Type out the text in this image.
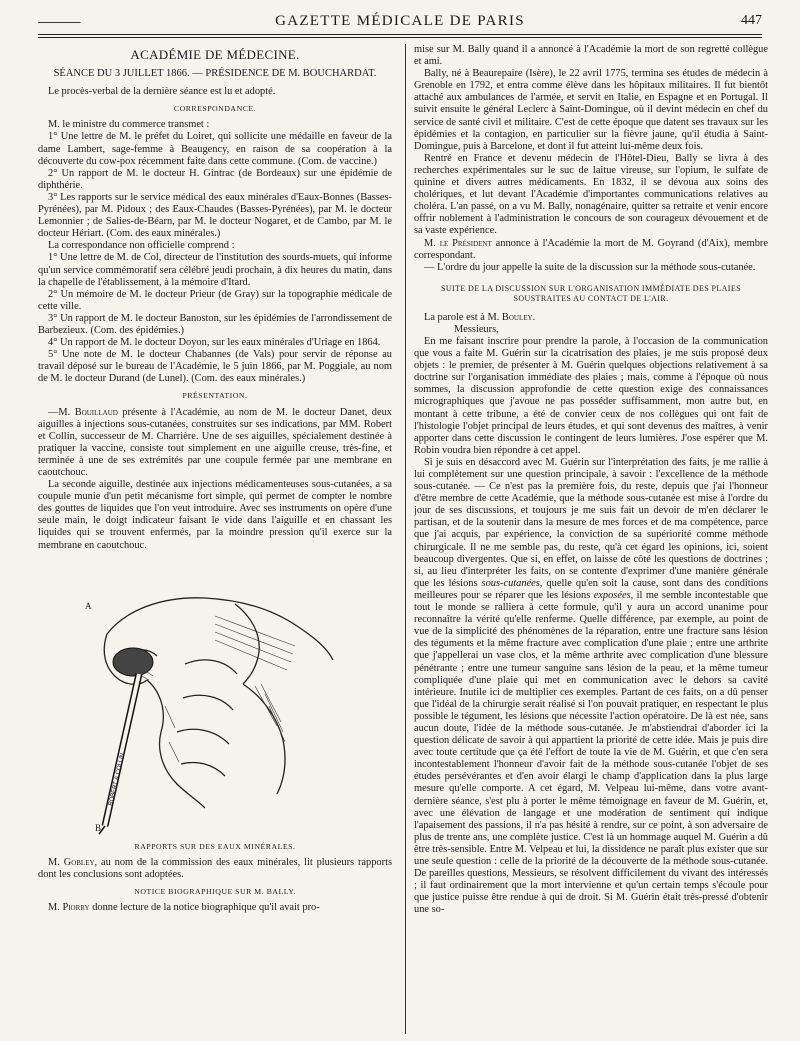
─────	GAZETTE MÉDICALE DE PARIS	447
ACADÉMIE DE MÉDECINE.
SÉANCE DU 3 JUILLET 1866. — PRÉSIDENCE DE M. BOUCHARDAT.

Le procès-verbal de la dernière séance est lu et adopté.

CORRESPONDANCE.

M. le ministre du commerce transmet :

1° Une lettre de M. le préfet du Loiret, qui sollicite une médaille en faveur de la dame Lambert, sage-femme à Beaugency, en raison de sa coopération à la découverte du cow-pox récemment faite dans cette commune. (Com. de vaccine.)

2° Un rapport de M. le docteur H. Gintrac (de Bordeaux) sur une épidémie de diphthérie.

3° Les rapports sur le service médical des eaux minérales d'Eaux-Bonnes (Basses-Pyrénées), par M. Pidoux ; des Eaux-Chaudes (Basses-Pyrénées), par M. le docteur Lemonnier ; de Salies-de-Béarn, par M. le docteur Nogaret, et de Cambo, par M. le docteur Hériart. (Com. des eaux minérales.)

La correspondance non officielle comprend :

1° Une lettre de M. de Col, directeur de l'institution des sourds-muets, qui informe qu'un service commémoratif sera célébré jeudi prochain, à dix heures du matin, dans la chapelle de l'établissement, à la mémoire d'Itard.

2° Un mémoire de M. le docteur Prieur (de Gray) sur la topographie médicale de cette ville.

3° Un rapport de M. le docteur Banoston, sur les épidémies de l'arrondissement de Barbezieux. (Com. des épidémies.)

4° Un rapport de M. le docteur Doyon, sur les eaux minérales d'Uriage en 1864.

5° Une note de M. le docteur Chabannes (de Vals) pour servir de réponse au travail déposé sur le bureau de l'Académie, le 5 juin 1866, par M. Poggiale, au nom de M. le docteur Durand (de Lunel). (Com. des eaux minérales.)

PRÉSENTATION.

—M. Bouillaud présente à l'Académie, au nom de M. le docteur Danet, deux aiguilles à injections sous-cutanées, construites sur ses indications, par MM. Robert et Collin, successeur de M. Charrière. Une de ses aiguilles, spécialement destinée à pratiquer la vaccine, consiste tout simplement en une aiguille creuse, très-fine, et terminée à une de ses extrémités par une coupule fermée par une membrane en caoutchouc.

La seconde aiguille, destinée aux injections médicamenteuses sous-cutanées, a sa coupule munie d'un petit mécanisme fort simple, qui permet de compter le nombre des gouttes de liquides que l'on veut introduire. Avec ses instruments on opère d'une seule main, le doigt indicateur faisant le vide dans l'aiguille et en chassant les liquides qui se trouvent enfermés, par la moindre pression qu'il exerce sur la membrane en caoutchouc.

ROBERT & COLLIN
A
B
RAPPORTS SUR DES EAUX MINÉRALES.

M. Gobley, au nom de la commission des eaux minérales, lit plusieurs rapports dont les conclusions sont adoptées.

NOTICE BIOGRAPHIQUE SUR M. BALLY.

M. Piorry donne lecture de la notice biographique qu'il avait pro-

mise sur M. Bally quand il a annoncé à l'Académie la mort de son regretté collègue et ami.

Bally, né à Beaurepaire (Isère), le 22 avril 1775, termina ses études de médecin à Grenoble en 1792, et entra comme élève dans les hôpitaux militaires. Il fut bientôt attaché aux ambulances de l'armée, et servit en Italie, en Espagne et en Portugal. Il suivit ensuite le général Leclerc à Saint-Domingue, où il devint médecin en chef du service de santé civil et militaire. C'est de cette époque que datent ses travaux sur les épidémies et la contagion, en particulier sur la fièvre jaune, qu'il étudia à Saint-Domingue, puis à Barcelone, et dont il fut atteint lui-même deux fois.

Rentré en France et devenu médecin de l'Hôtel-Dieu, Bally se livra à des recherches expérimentales sur le suc de laitue vireuse, sur l'opium, le sulfate de quinine et divers autres médicaments. En 1832, il se dévoua aux soins des cholériques, et lut devant l'Académie d'importantes communications relatives au choléra. L'an passé, on a vu M. Bally, nonagénaire, quitter sa retraite et venir encore offrir noblement à l'administration le concours de son courageux dévouement et de sa vaste expérience.

M. le Président annonce à l'Académie la mort de M. Goyrand (d'Aix), membre correspondant.

— L'ordre du jour appelle la suite de la discussion sur la méthode sous-cutanée.

SUITE DE LA DISCUSSION SUR L'ORGANISATION IMMÉDIATE DES PLAIES SOUSTRAITES AU CONTACT DE L'AIR.

La parole est à M. Bouley.

Messieurs,

En me faisant inscrire pour prendre la parole, à l'occasion de la communication que vous a faite M. Guérin sur la cicatrisation des plaies, je me suis proposé deux objets : le premier, de présenter à M. Guérin quelques objections relativement à sa doctrine sur l'organisation immédiate des plaies ; mais, comme à l'époque où nous sommes, la discussion approfondie de cette question exige des connaissances micrographiques que j'avoue ne pas posséder suffisamment, mon autre but, en montant à cette tribune, a été de convier ceux de nos collègues qui ont fait de l'histologie l'objet principal de leurs études, et qui sont devenus des maîtres, à venir apporter dans cette discussion le contingent de leurs lumières. J'ose espérer que M. Robin voudra bien répondre à cet appel.

Si je suis en désaccord avec M. Guérin sur l'interprétation des faits, je me rallie à lui complètement sur une question principale, à savoir : l'excellence de la méthode sous-cutanée. — Ce n'est pas la première fois, du reste, depuis que j'ai l'honneur d'être membre de cette Académie, que la méthode sous-cutanée est mise à l'ordre du jour de ses discussions, et toujours je me suis fait un devoir de m'en déclarer le partisan, et de la soutenir dans la mesure de mes forces et de ma compétence, parce que j'ai acquis, par expérience, la conviction de sa supériorité comme méthode chirurgicale. Il ne me semble pas, du reste, qu'à cet égard les opinions, ici, soient beaucoup divergentes. Que si, en effet, on laisse de côté les questions de doctrines ; si, au lieu d'interpréter les faits, on se contente d'exprimer d'une manière générale que les lésions sous-cutanées, quelle qu'en soit la cause, sont dans des conditions meilleures pour se réparer que les lésions exposées, il me semble incontestable que tout le monde se ralliera à cette formule, qu'il y aura un accord unanime pour reconnaître la vérité qu'elle renferme. Quelle différence, par exemple, au point de vue de la simplicité des phénomènes de la réparation, entre une fracture sans lésion des téguments et la même fracture avec complication d'une plaie ; entre une arthrite que j'appellerai un vase clos, et la même arthrite avec complication d'une blessure pénétrante ; entre une tumeur sanguine sans lésion de la peau, et la même tumeur compliquée d'une plaie qui met en communication avec le dehors sa cavité intérieure. Inutile ici de multiplier ces exemples. Partant de ces faits, on a dû penser que l'idéal de la chirurgie serait réalisé si l'on pouvait pratiquer, en respectant le plus possible le tégument, les lésions que nécessite l'action opératoire. De là est née, sans aucun doute, l'idée de la méthode sous-cutanée. Je m'abstiendrai d'aborder ici la question délicate de savoir à qui appartient la priorité de cette idée. Mais je puis dire avec toute certitude que ça été l'effort de toute la vie de M. Guérin, et que c'en sera incontestablement l'honneur d'avoir fait de la méthode sous-cutanée l'objet de ses études persévérantes et d'en avoir élargi le champ d'application dans la plus large mesure qu'elle comporte. A cet égard, M. Velpeau lui-même, dans votre avant-dernière séance, s'est plu à porter le même témoignage en faveur de M. Guérin, et, avec une élévation de langage et une modération de sentiment qui indique l'apaisement des passions, il n'a pas hésité à rendre, sur ce point, à son adversaire de plus de trente ans, une complète justice. C'est là un hommage auquel M. Guérin a dû être très-sensible. Entre M. Velpeau et lui, la dissidence ne paraît plus exister que sur une seule question : celle de la priorité de la découverte de la méthode sous-cutanée. De pareilles questions, Messieurs, se résolvent difficilement du vivant des intéressés ; il faut ordinairement que la mort intervienne et qu'un certain temps s'écoule pour que justice puisse être rendue à qui de droit. Si M. Guérin était très-pressé d'obtenir une so-
